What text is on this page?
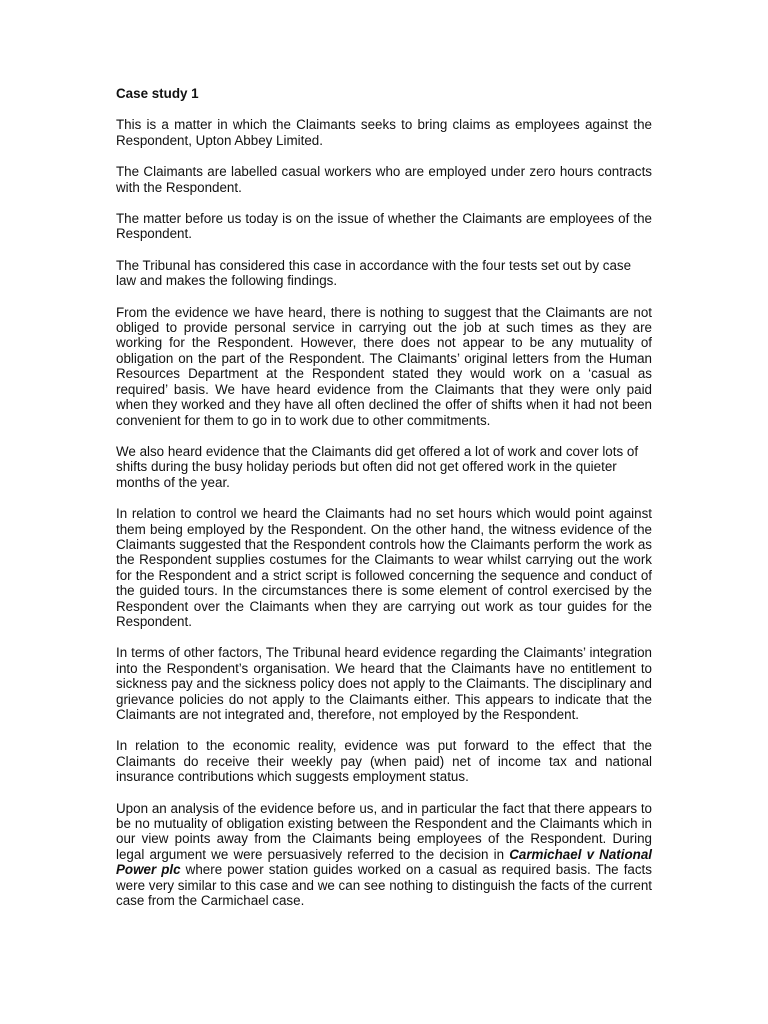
Case study 1

This is a matter in which the Claimants seeks to bring claims as employees against the Respondent, Upton Abbey Limited.

The Claimants are labelled casual workers who are employed under zero hours contracts with the Respondent.

The matter before us today is on the issue of whether the Claimants are employees of the Respondent.

The Tribunal has considered this case in accordance with the four tests set out by case law and makes the following findings.

From the evidence we have heard, there is nothing to suggest that the Claimants are not obliged to provide personal service in carrying out the job at such times as they are working for the Respondent. However, there does not appear to be any mutuality of obligation on the part of the Respondent. The Claimants’ original letters from the Human Resources Department at the Respondent stated they would work on a ‘casual as required’ basis. We have heard evidence from the Claimants that they were only paid when they worked and they have all often declined the offer of shifts when it had not been convenient for them to go in to work due to other commitments.

We also heard evidence that the Claimants did get offered a lot of work and cover lots of shifts during the busy holiday periods but often did not get offered work in the quieter months of the year.

In relation to control we heard the Claimants had no set hours which would point against them being employed by the Respondent. On the other hand, the witness evidence of the Claimants suggested that the Respondent controls how the Claimants perform the work as the Respondent supplies costumes for the Claimants to wear whilst carrying out the work for the Respondent and a strict script is followed concerning the sequence and conduct of the guided tours. In the circumstances there is some element of control exercised by the Respondent over the Claimants when they are carrying out work as tour guides for the Respondent.

In terms of other factors, The Tribunal heard evidence regarding the Claimants’ integration into the Respondent’s organisation. We heard that the Claimants have no entitlement to sickness pay and the sickness policy does not apply to the Claimants. The disciplinary and grievance policies do not apply to the Claimants either. This appears to indicate that the Claimants are not integrated and, therefore, not employed by the Respondent.

In relation to the economic reality, evidence was put forward to the effect that the Claimants do receive their weekly pay (when paid) net of income tax and national insurance contributions which suggests employment status.

Upon an analysis of the evidence before us, and in particular the fact that there appears to be no mutuality of obligation existing between the Respondent and the Claimants which in our view points away from the Claimants being employees of the Respondent. During legal argument we were persuasively referred to the decision in Carmichael v National Power plc where power station guides worked on a casual as required basis. The facts were very similar to this case and we can see nothing to distinguish the facts of the current case from the Carmichael case.
